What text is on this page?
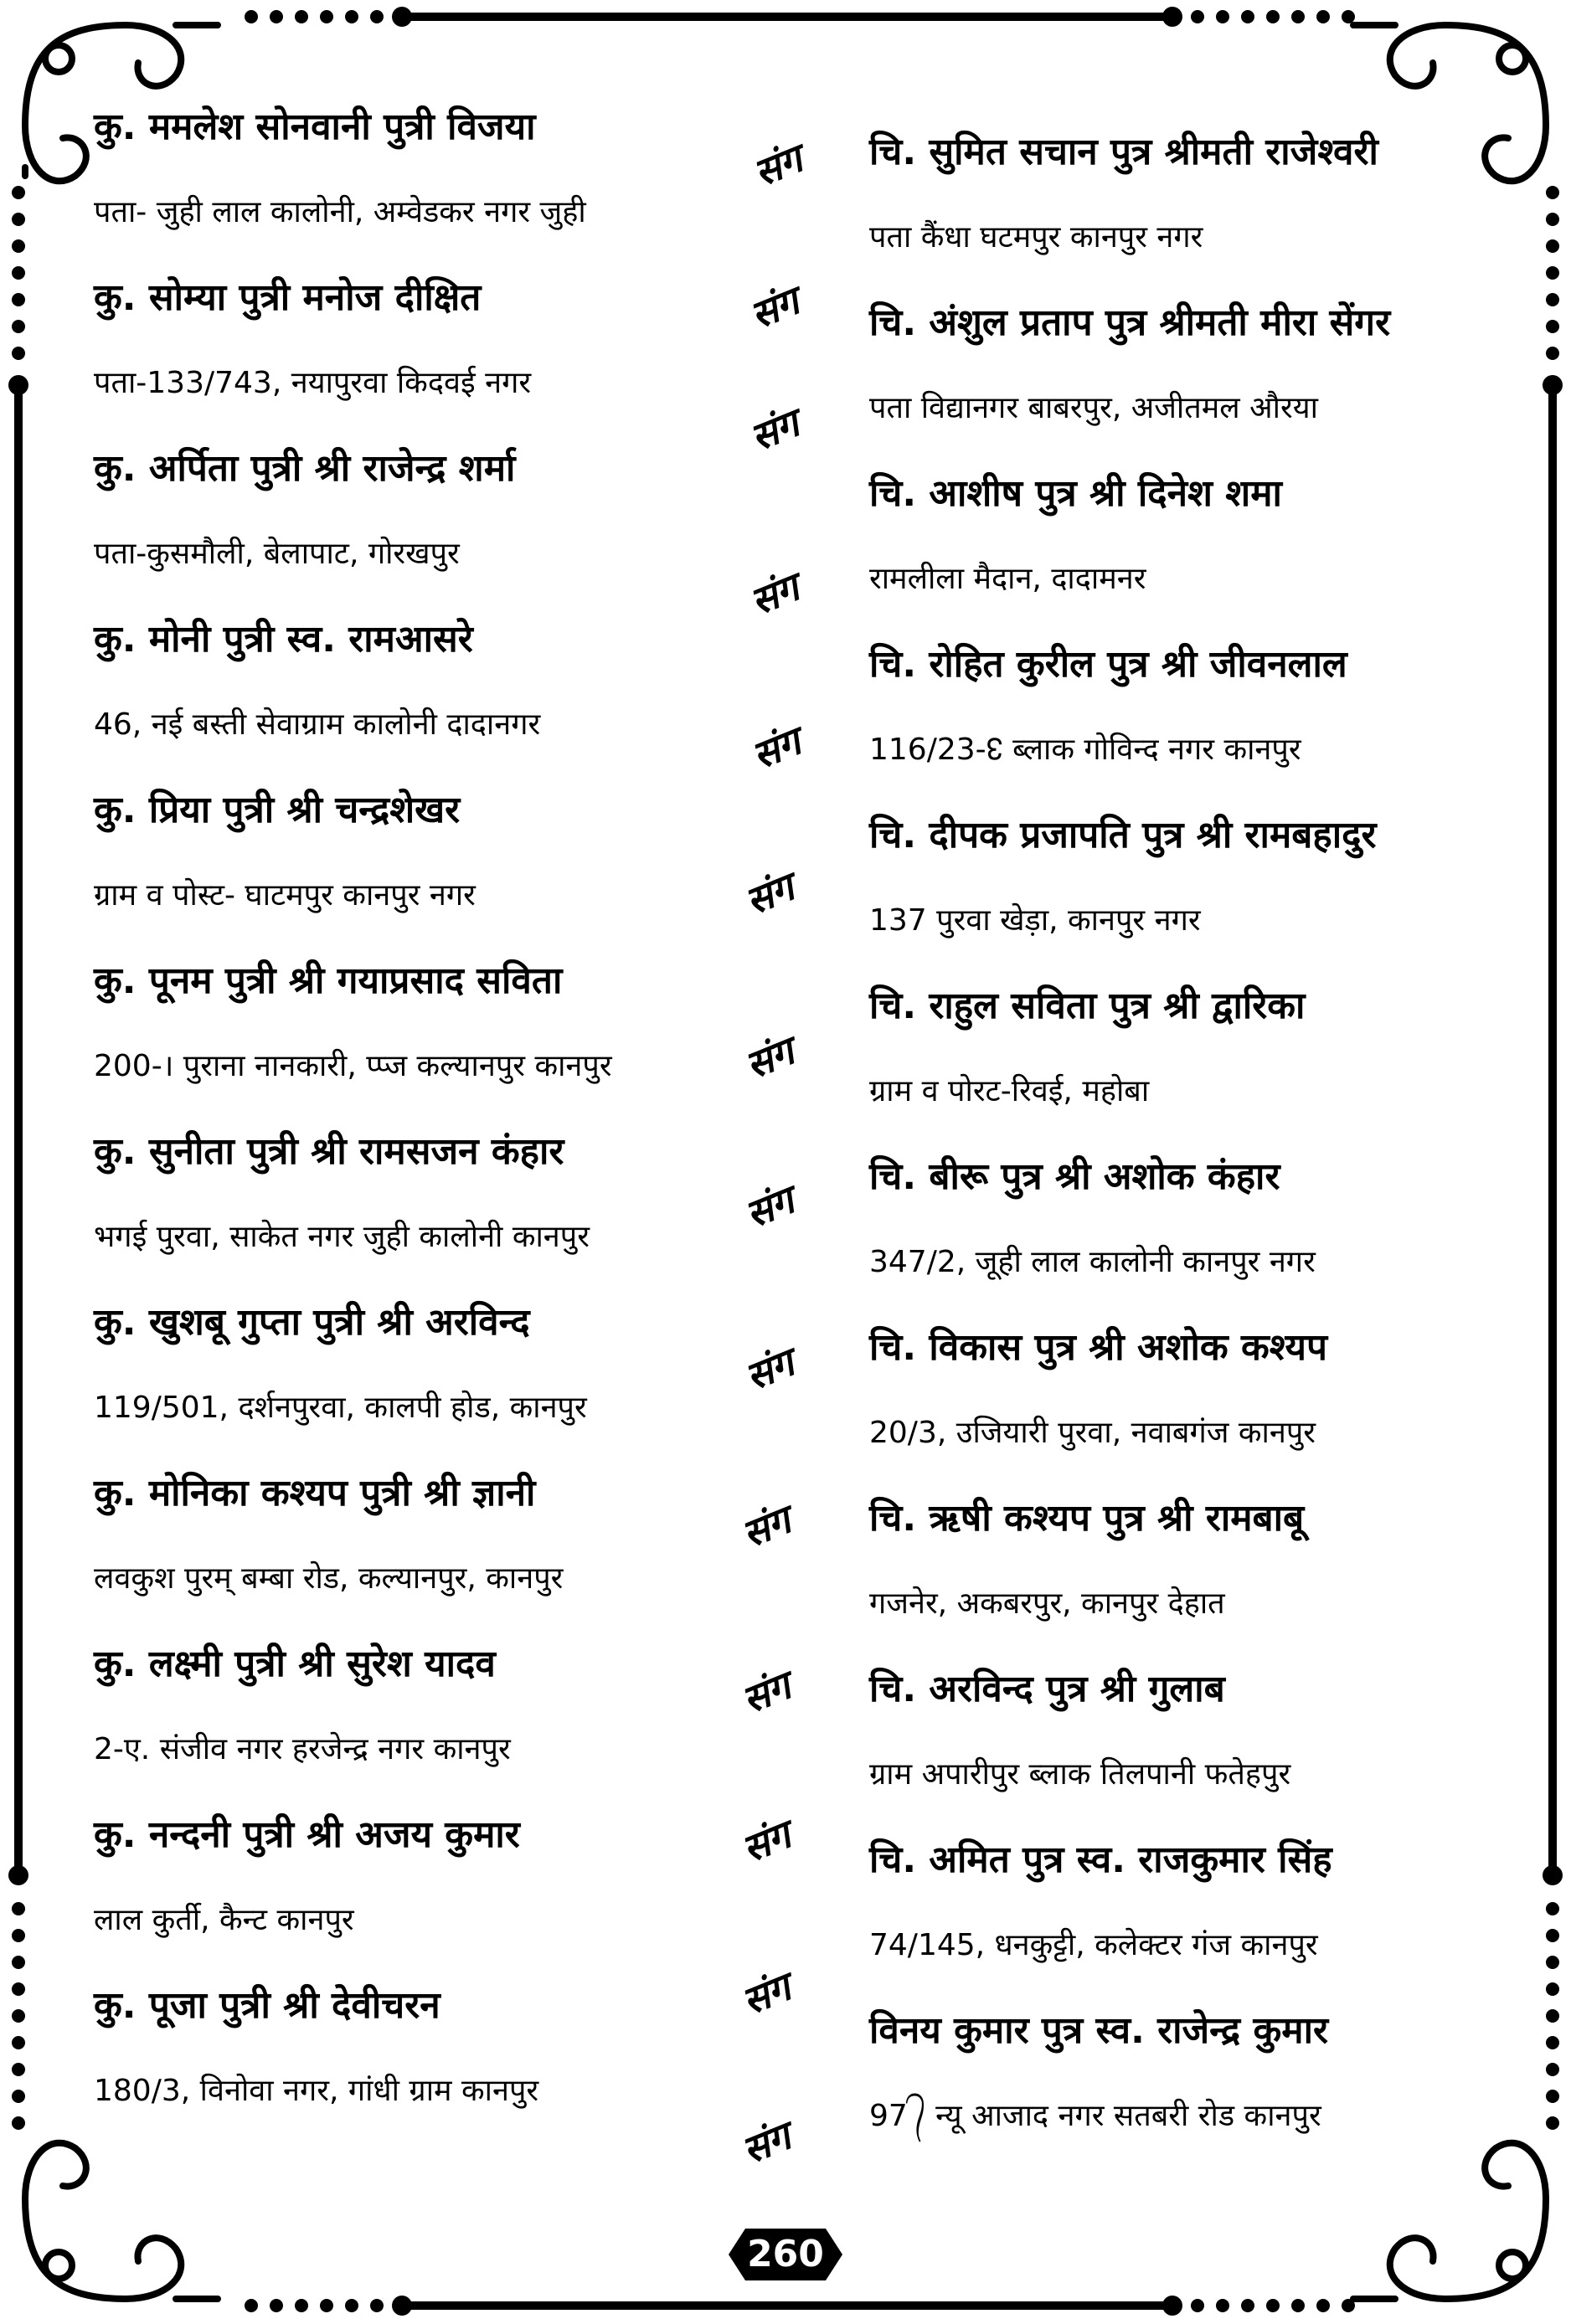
कु. ममलेश सोनवानी पुत्री विजया
पता- जुही लाल कालोनी, अम्वेडकर नगर जुही
कु. सोम्या पुत्री मनोज दीक्षित
पता-133/743, नयापुरवा किदवई नगर
कु. अर्पिता पुत्री श्री राजेन्द्र शर्मा
पता-कुसमौली, बेलापाट, गोरखपुर
कु. मोनी पुत्री स्व. रामआसरे
46, नई बस्ती सेवाग्राम कालोनी दादानगर
कु. प्रिया पुत्री श्री चन्द्रशेखर
ग्राम व पोस्ट- घाटमपुर कानपुर नगर
कु. पूनम पुत्री श्री गयाप्रसाद सविता
200-। पुराना नानकारी, प्प्ज कल्यानपुर कानपुर
कु. सुनीता पुत्री श्री रामसजन कंहार
भगई पुरवा, साकेत नगर जुही कालोनी कानपुर
कु. खुशबू गुप्ता पुत्री श्री अरविन्द
119/501, दर्शनपुरवा, कालपी होड, कानपुर
कु. मोनिका कश्यप पुत्री श्री ज्ञानी
लवकुश पुरम् बम्बा रोड, कल्यानपुर, कानपुर
कु. लक्ष्मी पुत्री श्री सुरेश यादव
2-ए. संजीव नगर हरजेन्द्र नगर कानपुर
कु. नन्दनी पुत्री श्री अजय कुमार
लाल कुर्ती, कैन्ट कानपुर
कु. पूजा पुत्री श्री देवीचरन
180/3, विनोवा नगर, गांधी ग्राम कानपुर
चि. सुमित सचान पुत्र श्रीमती राजेश्वरी
पता कैंधा घटमपुर कानपुर नगर
चि. अंशुल प्रताप पुत्र श्रीमती मीरा सेंगर
पता विद्यानगर बाबरपुर, अजीतमल औरया
चि. आशीष पुत्र श्री दिनेश शमा
रामलीला मैदान, दादामनर
चि. रोहित कुरील पुत्र श्री जीवनलाल
116/23-↋ ब्लाक गोविन्द नगर कानपुर
चि. दीपक प्रजापति पुत्र श्री रामबहादुर
137 पुरवा खेड़ा, कानपुर नगर
चि. राहुल सविता पुत्र श्री द्वारिका
ग्राम व पोरट-रिवई, महोबा
चि. बीरू पुत्र श्री अशोक कंहार
347/2, जूही लाल कालोनी कानपुर नगर
चि. विकास पुत्र श्री अशोक कश्यप
20/3, उजियारी पुरवा, नवाबगंज कानपुर
चि. ऋषी कश्यप पुत्र श्री रामबाबू
गजनेर, अकबरपुर, कानपुर देहात
चि. अरविन्द पुत्र श्री गुलाब
ग्राम अपारीपुर ब्लाक तिलपानी फतेहपुर
चि. अमित पुत्र स्व. राजकुमार सिंह
74/145, धनकुट्टी, कलेक्टर गंज कानपुर
विनय कुमार पुत्र स्व. राजेन्द्र कुमार
97 ᭄ न्यू आजाद नगर सतबरी रोड कानपुर
संग
संग
संग
संग
संग
संग
संग
संग
संग
संग
संग
संग
संग
संग
260
